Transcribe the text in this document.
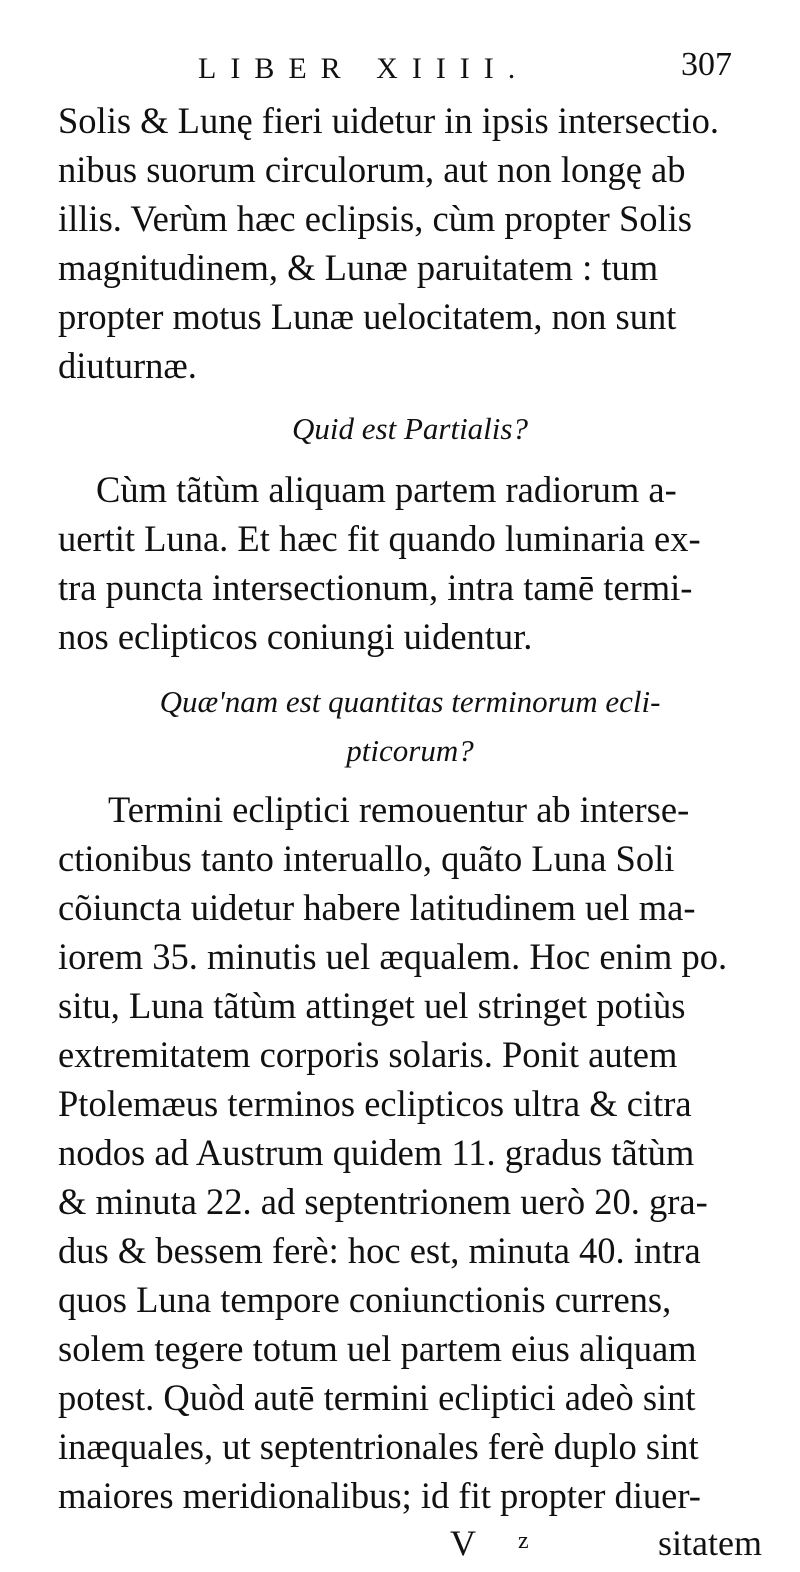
LIBER XIIII.	307
Solis & Lunę fieri uidetur in ipsis intersectio.
nibus suorum circulorum, aut non longę ab
illis. Verùm hæc eclipsis, cùm propter Solis
magnitudinem, & Lunæ paruitatem : tum
propter motus Lunæ uelocitatem, non sunt
diuturnæ.
Quid est Partialis?
Cùm tãtùm aliquam partem radiorum a-
uertit Luna. Et hæc fit quando luminaria ex-
tra puncta intersectionum, intra tamē termi-
nos eclipticos coniungi uidentur.
Quæ'nam est quantitas terminorum ecli-
pticorum?
Termini ecliptici remouentur ab interse-
ctionibus tanto interuallo, quãto Luna Soli
cõiuncta uidetur habere latitudinem uel ma-
iorem 35. minutis uel æqualem. Hoc enim po.
situ, Luna tãtùm attinget uel stringet potiùs
extremitatem corporis solaris. Ponit autem
Ptolemæus terminos eclipticos ultra & citra
nodos ad Austrum quidem 11. gradus tãtùm
& minuta 22. ad septentrionem uerò 20. gra-
dus & bessem ferè: hoc est, minuta 40. intra
quos Luna tempore coniunctionis currens,
solem tegere totum uel partem eius aliquam
potest. Quòd autē termini ecliptici adeò sint
inæquales, ut septentrionales ferè duplo sint
maiores meridionalibus; id fit propter diuer-
V z	sitatem
